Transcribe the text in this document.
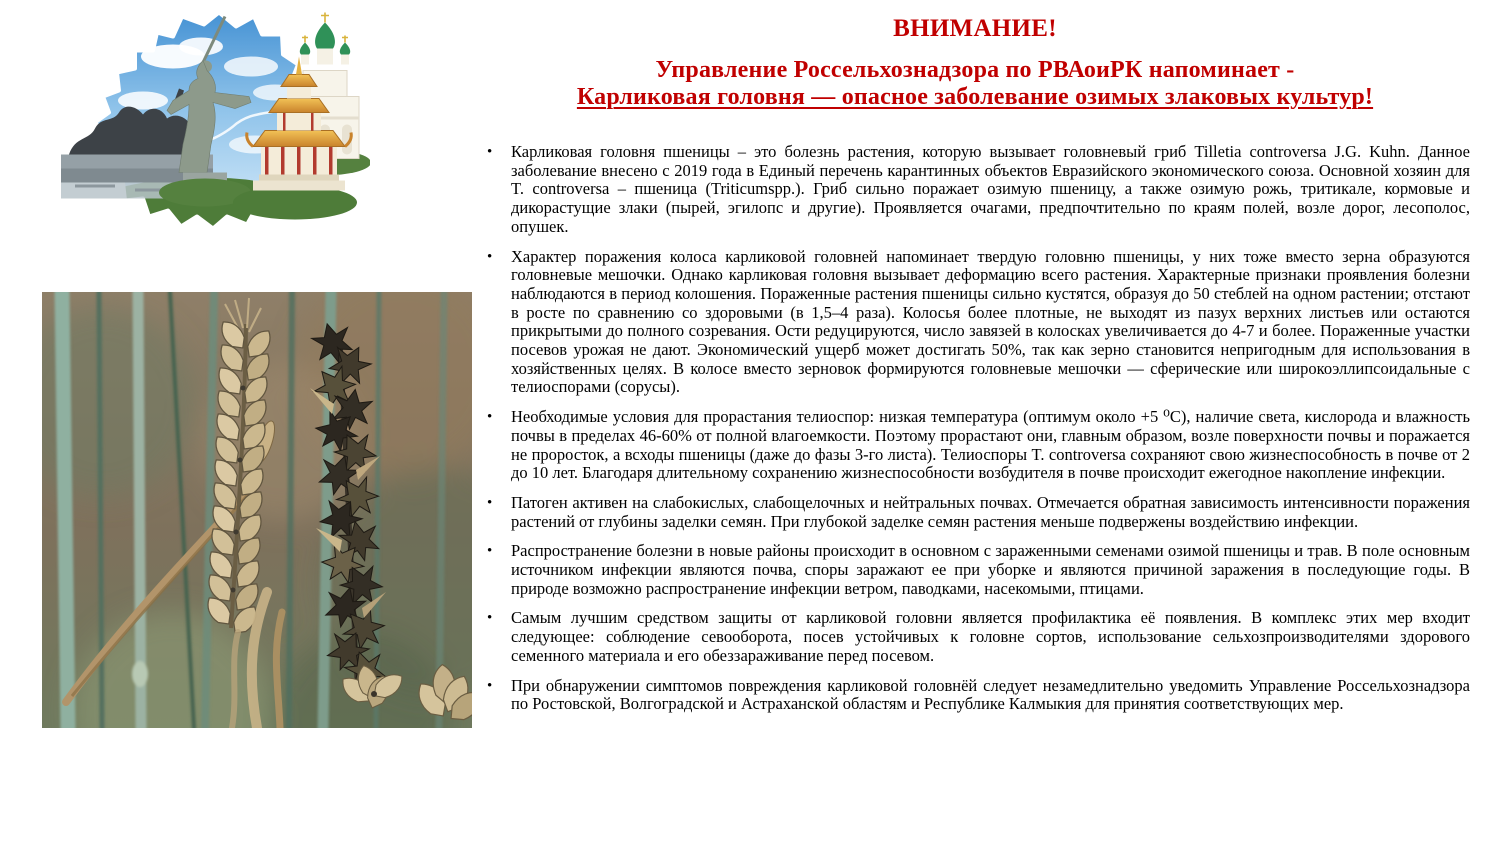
ВНИМАНИЕ!
Управление Россельхознадзора по РВАоиРК напоминает -
Карликовая головня — опасное заболевание озимых злаковых культур!
• Карликовая головня пшеницы – это болезнь растения, которую вызывает головневый гриб Tilletia controversa J.G. Kuhn. Данное заболевание внесено с 2019 года в Единый перечень карантинных объектов Евразийского экономического союза. Основной хозяин для T. controversa – пшеница (Triticumspp.). Гриб сильно поражает озимую пшеницу, а также озимую рожь, тритикале, кормовые и дикорастущие злаки (пырей, эгилопс и другие). Проявляется очагами, предпочтительно по краям полей, возле дорог, лесополос, опушек.
• Характер поражения колоса карликовой головней напоминает твердую головню пшеницы, у них тоже вместо зерна образуются головневые мешочки. Однако карликовая головня вызывает деформацию всего растения. Характерные признаки проявления болезни наблюдаются в период колошения. Пораженные растения пшеницы сильно кустятся, образуя до 50 стеблей на одном растении; отстают в росте по сравнению со здоровыми (в 1,5–4 раза). Колосья более плотные, не выходят из пазух верхних листьев или остаются прикрытыми до полного созревания. Ости редуцируются, число завязей в колосках увеличивается до 4-7 и более. Пораженные участки посевов урожая не дают. Экономический ущерб может достигать 50%, так как зерно становится непригодным для использования в хозяйственных целях. В колосе вместо зерновок формируются головневые мешочки — сферические или широкоэллипсоидальные с телиоспорами (сорусы).
• Необходимые условия для прорастания телиоспор: низкая температура (оптимум около +5 ⁰С), наличие света, кислорода и влажность почвы в пределах 46-60% от полной влагоемкости. Поэтому прорастают они, главным образом, возле поверхности почвы и поражается не проросток, а всходы пшеницы (даже до фазы 3-го листа). Телиоспоры T. controversa сохраняют свою жизнеспособность в почве от 2 до 10 лет. Благодаря длительному сохранению жизнеспособности возбудителя в почве происходит ежегодное накопление инфекции.
• Патоген активен на слабокислых, слабощелочных и нейтральных почвах. Отмечается обратная зависимость интенсивности поражения растений от глубины заделки семян. При глубокой заделке семян растения меньше подвержены воздействию инфекции.
• Распространение болезни в новые районы происходит в основном с зараженными семенами озимой пшеницы и трав. В поле основным источником инфекции являются почва, споры заражают ее при уборке и являются причиной заражения в последующие годы. В природе возможно распространение инфекции ветром, паводками, насекомыми, птицами.
• Самым лучшим средством защиты от карликовой головни является профилактика её появления. В комплекс этих мер входит следующее: соблюдение севооборота, посев устойчивых к головне сортов, использование сельхозпроизводителями здорового семенного материала и его обеззараживание перед посевом.
• При обнаружении симптомов повреждения карликовой головнёй следует незамедлительно уведомить Управление Россельхознадзора по Ростовской, Волгоградской и Астраханской областям и Республике Калмыкия для принятия соответствующих мер.
